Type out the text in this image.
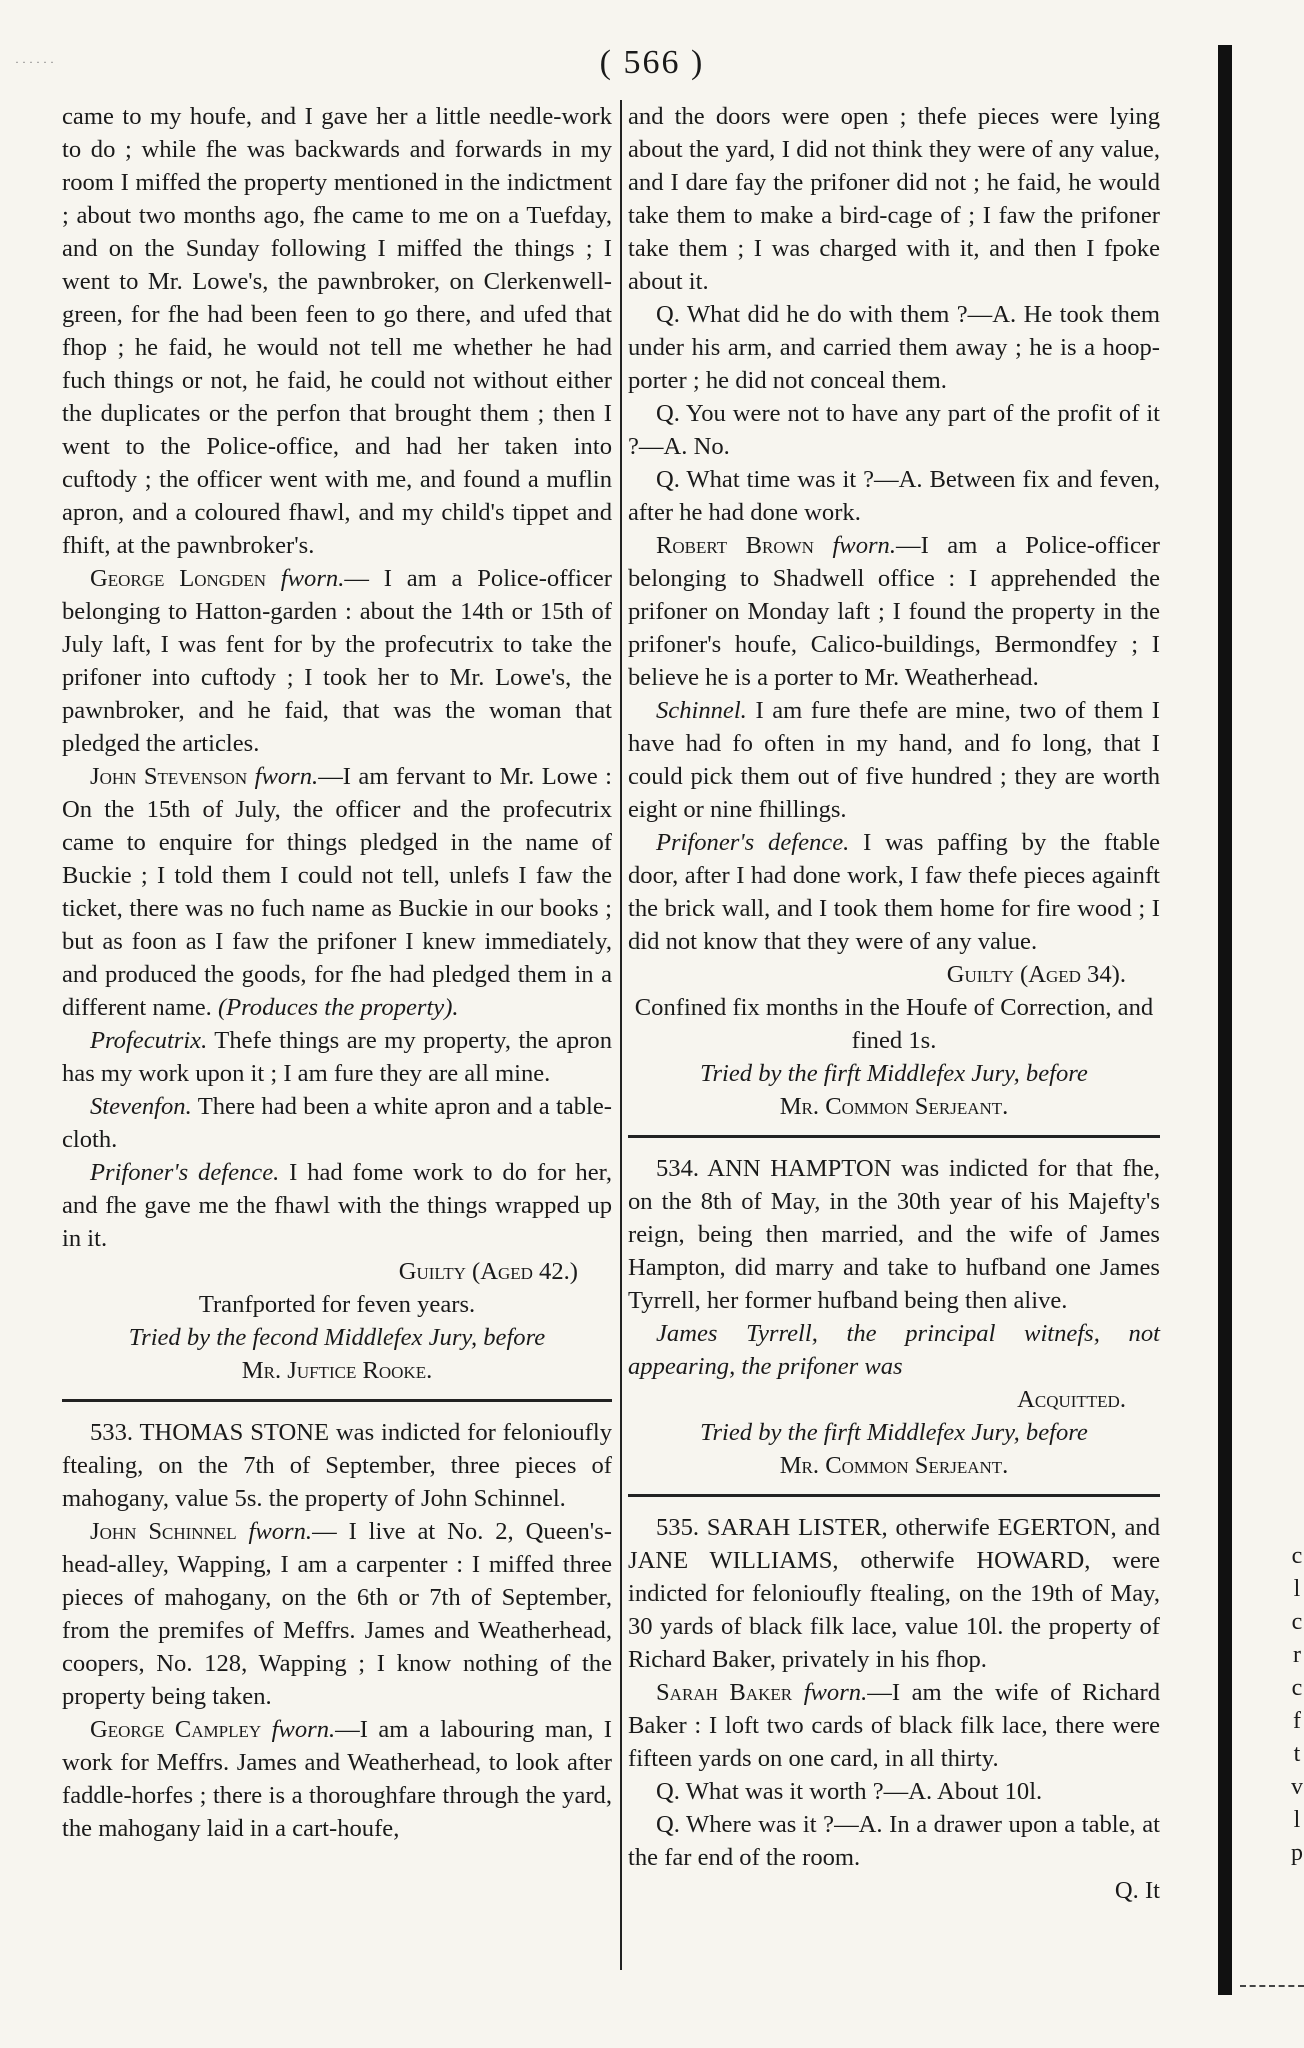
· · · · · ·	( 566 )

came to my houfe, and I gave her a little needle-work to do ; while fhe was backwards and forwards in my room I miffed the property mentioned in the indictment ; about two months ago, fhe came to me on a Tuefday, and on the Sunday following I miffed the things ; I went to Mr. Lowe's, the pawnbroker, on Clerkenwell-green, for fhe had been feen to go there, and ufed that fhop ; he faid, he would not tell me whether he had fuch things or not, he faid, he could not without either the duplicates or the perfon that brought them ; then I went to the Police-office, and had her taken into cuftody ; the officer went with me, and found a muflin apron, and a coloured fhawl, and my child's tippet and fhift, at the pawnbroker's.

George Longden fworn.— I am a Police-officer belonging to Hatton-garden : about the 14th or 15th of July laft, I was fent for by the profecutrix to take the prifoner into cuftody ; I took her to Mr. Lowe's, the pawnbroker, and he faid, that was the woman that pledged the articles.

John Stevenson fworn.—I am fervant to Mr. Lowe : On the 15th of July, the officer and the profecutrix came to enquire for things pledged in the name of Buckie ; I told them I could not tell, unlefs I faw the ticket, there was no fuch name as Buckie in our books ; but as foon as I faw the prifoner I knew immediately, and produced the goods, for fhe had pledged them in a different name. (Produces the property).

Profecutrix. Thefe things are my property, the apron has my work upon it ; I am fure they are all mine.

Stevenfon. There had been a white apron and a table-cloth.

Prifoner's defence. I had fome work to do for her, and fhe gave me the fhawl with the things wrapped up in it.

Guilty (Aged 42.)

Tranfported for feven years.

Tried by the fecond Middlefex Jury, before

Mr. Juftice Rooke.

533. THOMAS STONE was indicted for felonioufly ftealing, on the 7th of September, three pieces of mahogany, value 5s. the property of John Schinnel.

John Schinnel fworn.— I live at No. 2, Queen's-head-alley, Wapping, I am a carpenter : I miffed three pieces of mahogany, on the 6th or 7th of September, from the premifes of Meffrs. James and Weatherhead, coopers, No. 128, Wapping ; I know nothing of the property being taken.

George Campley fworn.—I am a labouring man, I work for Meffrs. James and Weatherhead, to look after faddle-horfes ; there is a thoroughfare through the yard, the mahogany laid in a cart-houfe,

and the doors were open ; thefe pieces were lying about the yard, I did not think they were of any value, and I dare fay the prifoner did not ; he faid, he would take them to make a bird-cage of ; I faw the prifoner take them ; I was charged with it, and then I fpoke about it.

Q. What did he do with them ?—A. He took them under his arm, and carried them away ; he is a hoop-porter ; he did not conceal them.

Q. You were not to have any part of the profit of it ?—A. No.

Q. What time was it ?—A. Between fix and feven, after he had done work.

Robert Brown fworn.—I am a Police-officer belonging to Shadwell office : I apprehended the prifoner on Monday laft ; I found the property in the prifoner's houfe, Calico-buildings, Bermondfey ; I believe he is a porter to Mr. Weatherhead.

Schinnel. I am fure thefe are mine, two of them I have had fo often in my hand, and fo long, that I could pick them out of five hundred ; they are worth eight or nine fhillings.

Prifoner's defence. I was paffing by the ftable door, after I had done work, I faw thefe pieces againft the brick wall, and I took them home for fire wood ; I did not know that they were of any value.

Guilty (Aged 34).

Confined fix months in the Houfe of Correction, and fined 1s.

Tried by the firft Middlefex Jury, before

Mr. Common Serjeant.

534. ANN HAMPTON was indicted for that fhe, on the 8th of May, in the 30th year of his Majefty's reign, being then married, and the wife of James Hampton, did marry and take to hufband one James Tyrrell, her former hufband being then alive.

James Tyrrell, the principal witnefs, not appearing, the prifoner was

Acquitted.

Tried by the firft Middlefex Jury, before

Mr. Common Serjeant.

535. SARAH LISTER, otherwife EGERTON, and JANE WILLIAMS, otherwife HOWARD, were indicted for felonioufly ftealing, on the 19th of May, 30 yards of black filk lace, value 10l. the property of Richard Baker, privately in his fhop.

Sarah Baker fworn.—I am the wife of Richard Baker : I loft two cards of black filk lace, there were fifteen yards on one card, in all thirty.

Q. What was it worth ?—A. About 10l.

Q. Where was it ?—A. In a drawer upon a table, at the far end of the room.

Q. It

c
l
c
r
c
f
t
v
l
p
